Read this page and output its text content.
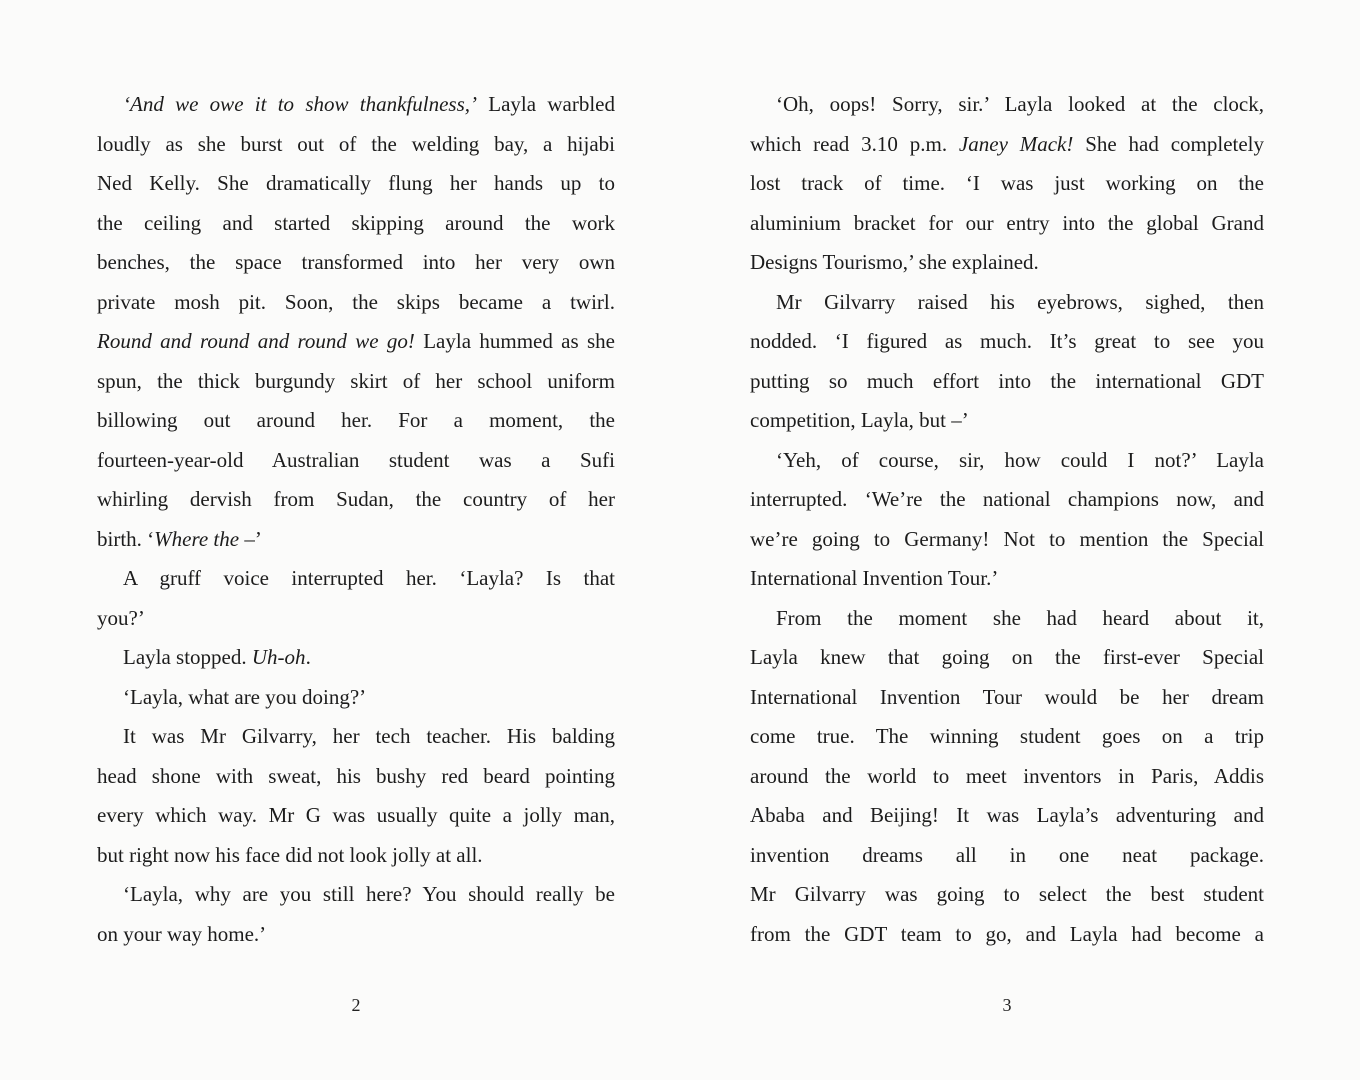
‘And we owe it to show thankfulness,’ Layla warbled
loudly as she burst out of the welding bay, a hijabi
Ned Kelly. She dramatically flung her hands up to
the ceiling and started skipping around the work
benches, the space transformed into her very own
private mosh pit. Soon, the skips became a twirl.
Round and round and round we go! Layla hummed as she
spun, the thick burgundy skirt of her school uniform
billowing out around her. For a moment, the
fourteen-year-old Australian student was a Sufi
whirling dervish from Sudan, the country of her
birth. ‘Where the –’
A gruff voice interrupted her. ‘Layla? Is that
you?’
Layla stopped. Uh-oh.
‘Layla, what are you doing?’
It was Mr Gilvarry, her tech teacher. His balding
head shone with sweat, his bushy red beard pointing
every which way. Mr G was usually quite a jolly man,
but right now his face did not look jolly at all.
‘Layla, why are you still here? You should really be
on your way home.’
‘Oh, oops! Sorry, sir.’ Layla looked at the clock,
which read 3.10 p.m. Janey Mack! She had completely
lost track of time. ‘I was just working on the
aluminium bracket for our entry into the global Grand
Designs Tourismo,’ she explained.
Mr Gilvarry raised his eyebrows, sighed, then
nodded. ‘I figured as much. It’s great to see you
putting so much effort into the international GDT
competition, Layla, but –’
‘Yeh, of course, sir, how could I not?’ Layla
interrupted. ‘We’re the national champions now, and
we’re going to Germany! Not to mention the Special
International Invention Tour.’
From the moment she had heard about it,
Layla knew that going on the first-ever Special
International Invention Tour would be her dream
come true. The winning student goes on a trip
around the world to meet inventors in Paris, Addis
Ababa and Beijing! It was Layla’s adventuring and
invention dreams all in one neat package.
Mr Gilvarry was going to select the best student
from the GDT team to go, and Layla had become a
2	3
